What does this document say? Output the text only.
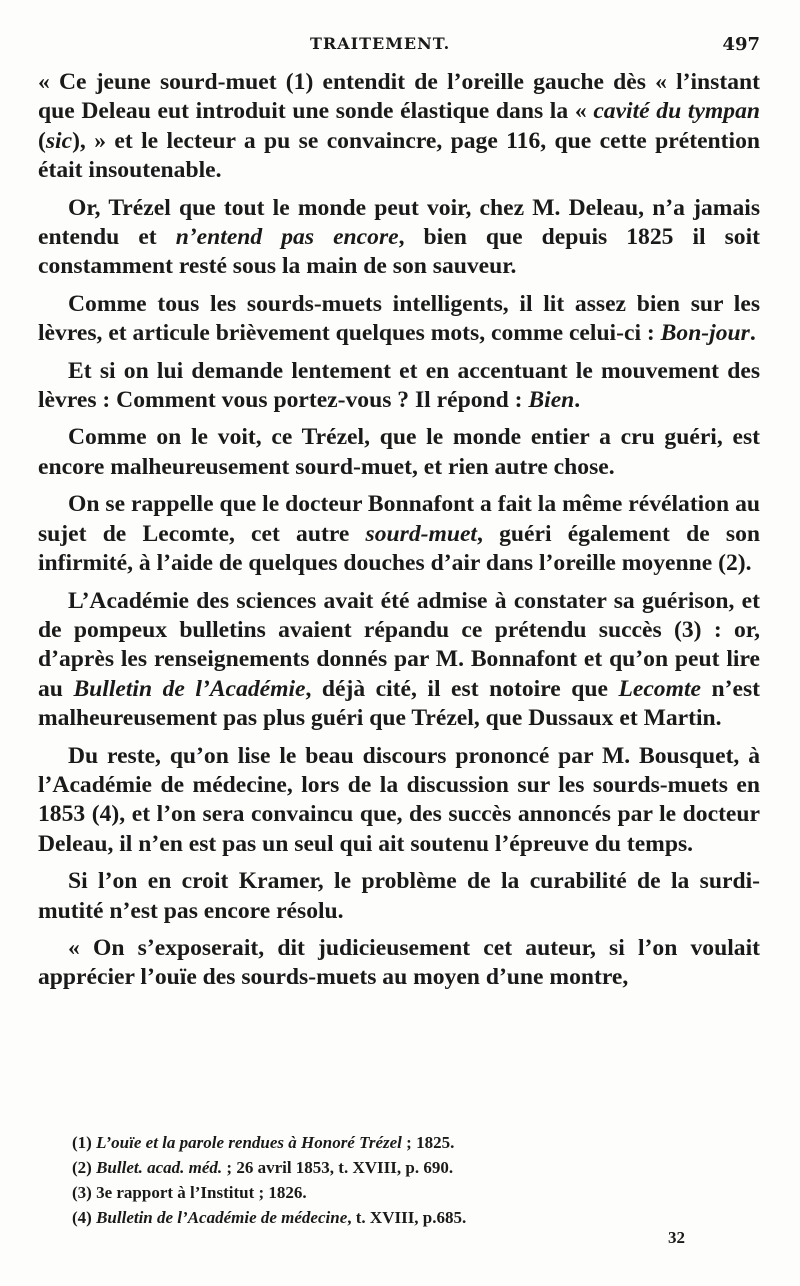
TRAITEMENT.	497

« Ce jeune sourd-muet (1) entendit de l’oreille gauche dès « l’instant que Deleau eut introduit une sonde élastique dans la « cavité du tympan (sic), » et le lecteur a pu se convaincre, page 116, que cette prétention était insoutenable.

Or, Trézel que tout le monde peut voir, chez M. Deleau, n’a jamais entendu et n’entend pas encore, bien que depuis 1825 il soit constamment resté sous la main de son sauveur.

Comme tous les sourds-muets intelligents, il lit assez bien sur les lèvres, et articule brièvement quelques mots, comme celui-ci : Bon-jour.

Et si on lui demande lentement et en accentuant le mouvement des lèvres : Comment vous portez-vous ? Il répond : Bien.

Comme on le voit, ce Trézel, que le monde entier a cru guéri, est encore malheureusement sourd-muet, et rien autre chose.

On se rappelle que le docteur Bonnafont a fait la même révélation au sujet de Lecomte, cet autre sourd-muet, guéri également de son infirmité, à l’aide de quelques douches d’air dans l’oreille moyenne (2).

L’Académie des sciences avait été admise à constater sa guérison, et de pompeux bulletins avaient répandu ce prétendu succès (3) : or, d’après les renseignements donnés par M. Bonnafont et qu’on peut lire au Bulletin de l’Académie, déjà cité, il est notoire que Lecomte n’est malheureusement pas plus guéri que Trézel, que Dussaux et Martin.

Du reste, qu’on lise le beau discours prononcé par M. Bousquet, à l’Académie de médecine, lors de la discussion sur les sourds-muets en 1853 (4), et l’on sera convaincu que, des succès annoncés par le docteur Deleau, il n’en est pas un seul qui ait soutenu l’épreuve du temps.

Si l’on en croit Kramer, le problème de la curabilité de la surdi-mutité n’est pas encore résolu.

« On s’exposerait, dit judicieusement cet auteur, si l’on voulait apprécier l’ouïe des sourds-muets au moyen d’une montre,

(1) L’ouïe et la parole rendues à Honoré Trézel ; 1825.
(2) Bullet. acad. méd. ; 26 avril 1853, t. XVIII, p. 690.
(3) 3e rapport à l’Institut ; 1826.
(4) Bulletin de l’Académie de médecine, t. XVIII, p.685.
32
